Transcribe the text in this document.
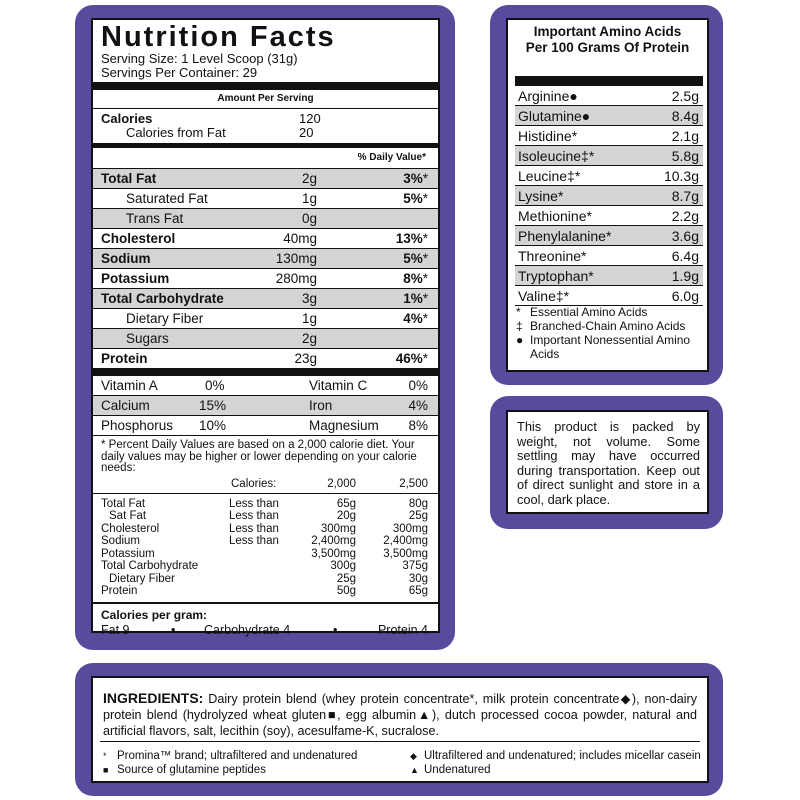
Nutrition Facts
Serving Size: 1 Level Scoop (31g)
Servings Per Container: 29
Amount Per Serving
Calories	120
Calories from Fat	20
% Daily Value*
Total Fat	2g	3%*
Saturated Fat	1g	5%*
Trans Fat	0g
Cholesterol	40mg	13%*
Sodium	130mg	5%*
Potassium	280mg	8%*
Total Carbohydrate	3g	1%*
Dietary Fiber	1g	4%*
Sugars	2g
Protein	23g	46%*
Vitamin A	0%	Vitamin C	0%
Calcium	15%	Iron	4%
Phosphorus 10%	Magnesium 8%
* Percent Daily Values are based on a 2,000 calorie diet. Your daily values may be higher or lower depending on your calorie needs:
Calories:	2,000	2,500
Total Fat	Less than	65g	80g
Sat Fat	Less than	20g	25g
Cholesterol	Less than	300mg	300mg
Sodium	Less than	2,400mg 2,400mg
Potassium	3,500mg 3,500mg
Total Carbohydrate	300g	375g
Dietary Fiber	25g	30g
Protein	50g	65g
Calories per gram:
Fat 9	• Carbohydrate 4	•	Protein 4
Important Amino Acids
Per 100 Grams Of Protein
Arginine●	2.5g
Glutamine●	8.4g
Histidine*	2.1g
Isoleucine‡*	5.8g
Leucine‡*	10.3g
Lysine*	8.7g
Methionine*	2.2g
Phenylalanine*	3.6g
Threonine*	6.4g
Tryptophan*	1.9g
Valine‡*	6.0g
* Essential Amino Acids
‡ Branched-Chain Amino Acids
● Important Nonessential Amino Acids
This product is packed by weight, not volume. Some settling may have occurred during transportation. Keep out of direct sunlight and store in a cool, dark place.
INGREDIENTS: Dairy protein blend (whey protein concentrate*, milk protein concentrate◆), non-dairy protein blend (hydrolyzed wheat gluten■, egg albumin▲), dutch processed cocoa powder, natural and artificial flavors, salt, lecithin (soy), acesulfame-K, sucralose.
* Promina™ brand; ultrafiltered and undenatured	◆ Ultrafiltered and undenatured; includes micellar casein
■ Source of glutamine peptides	▲ Undenatured
